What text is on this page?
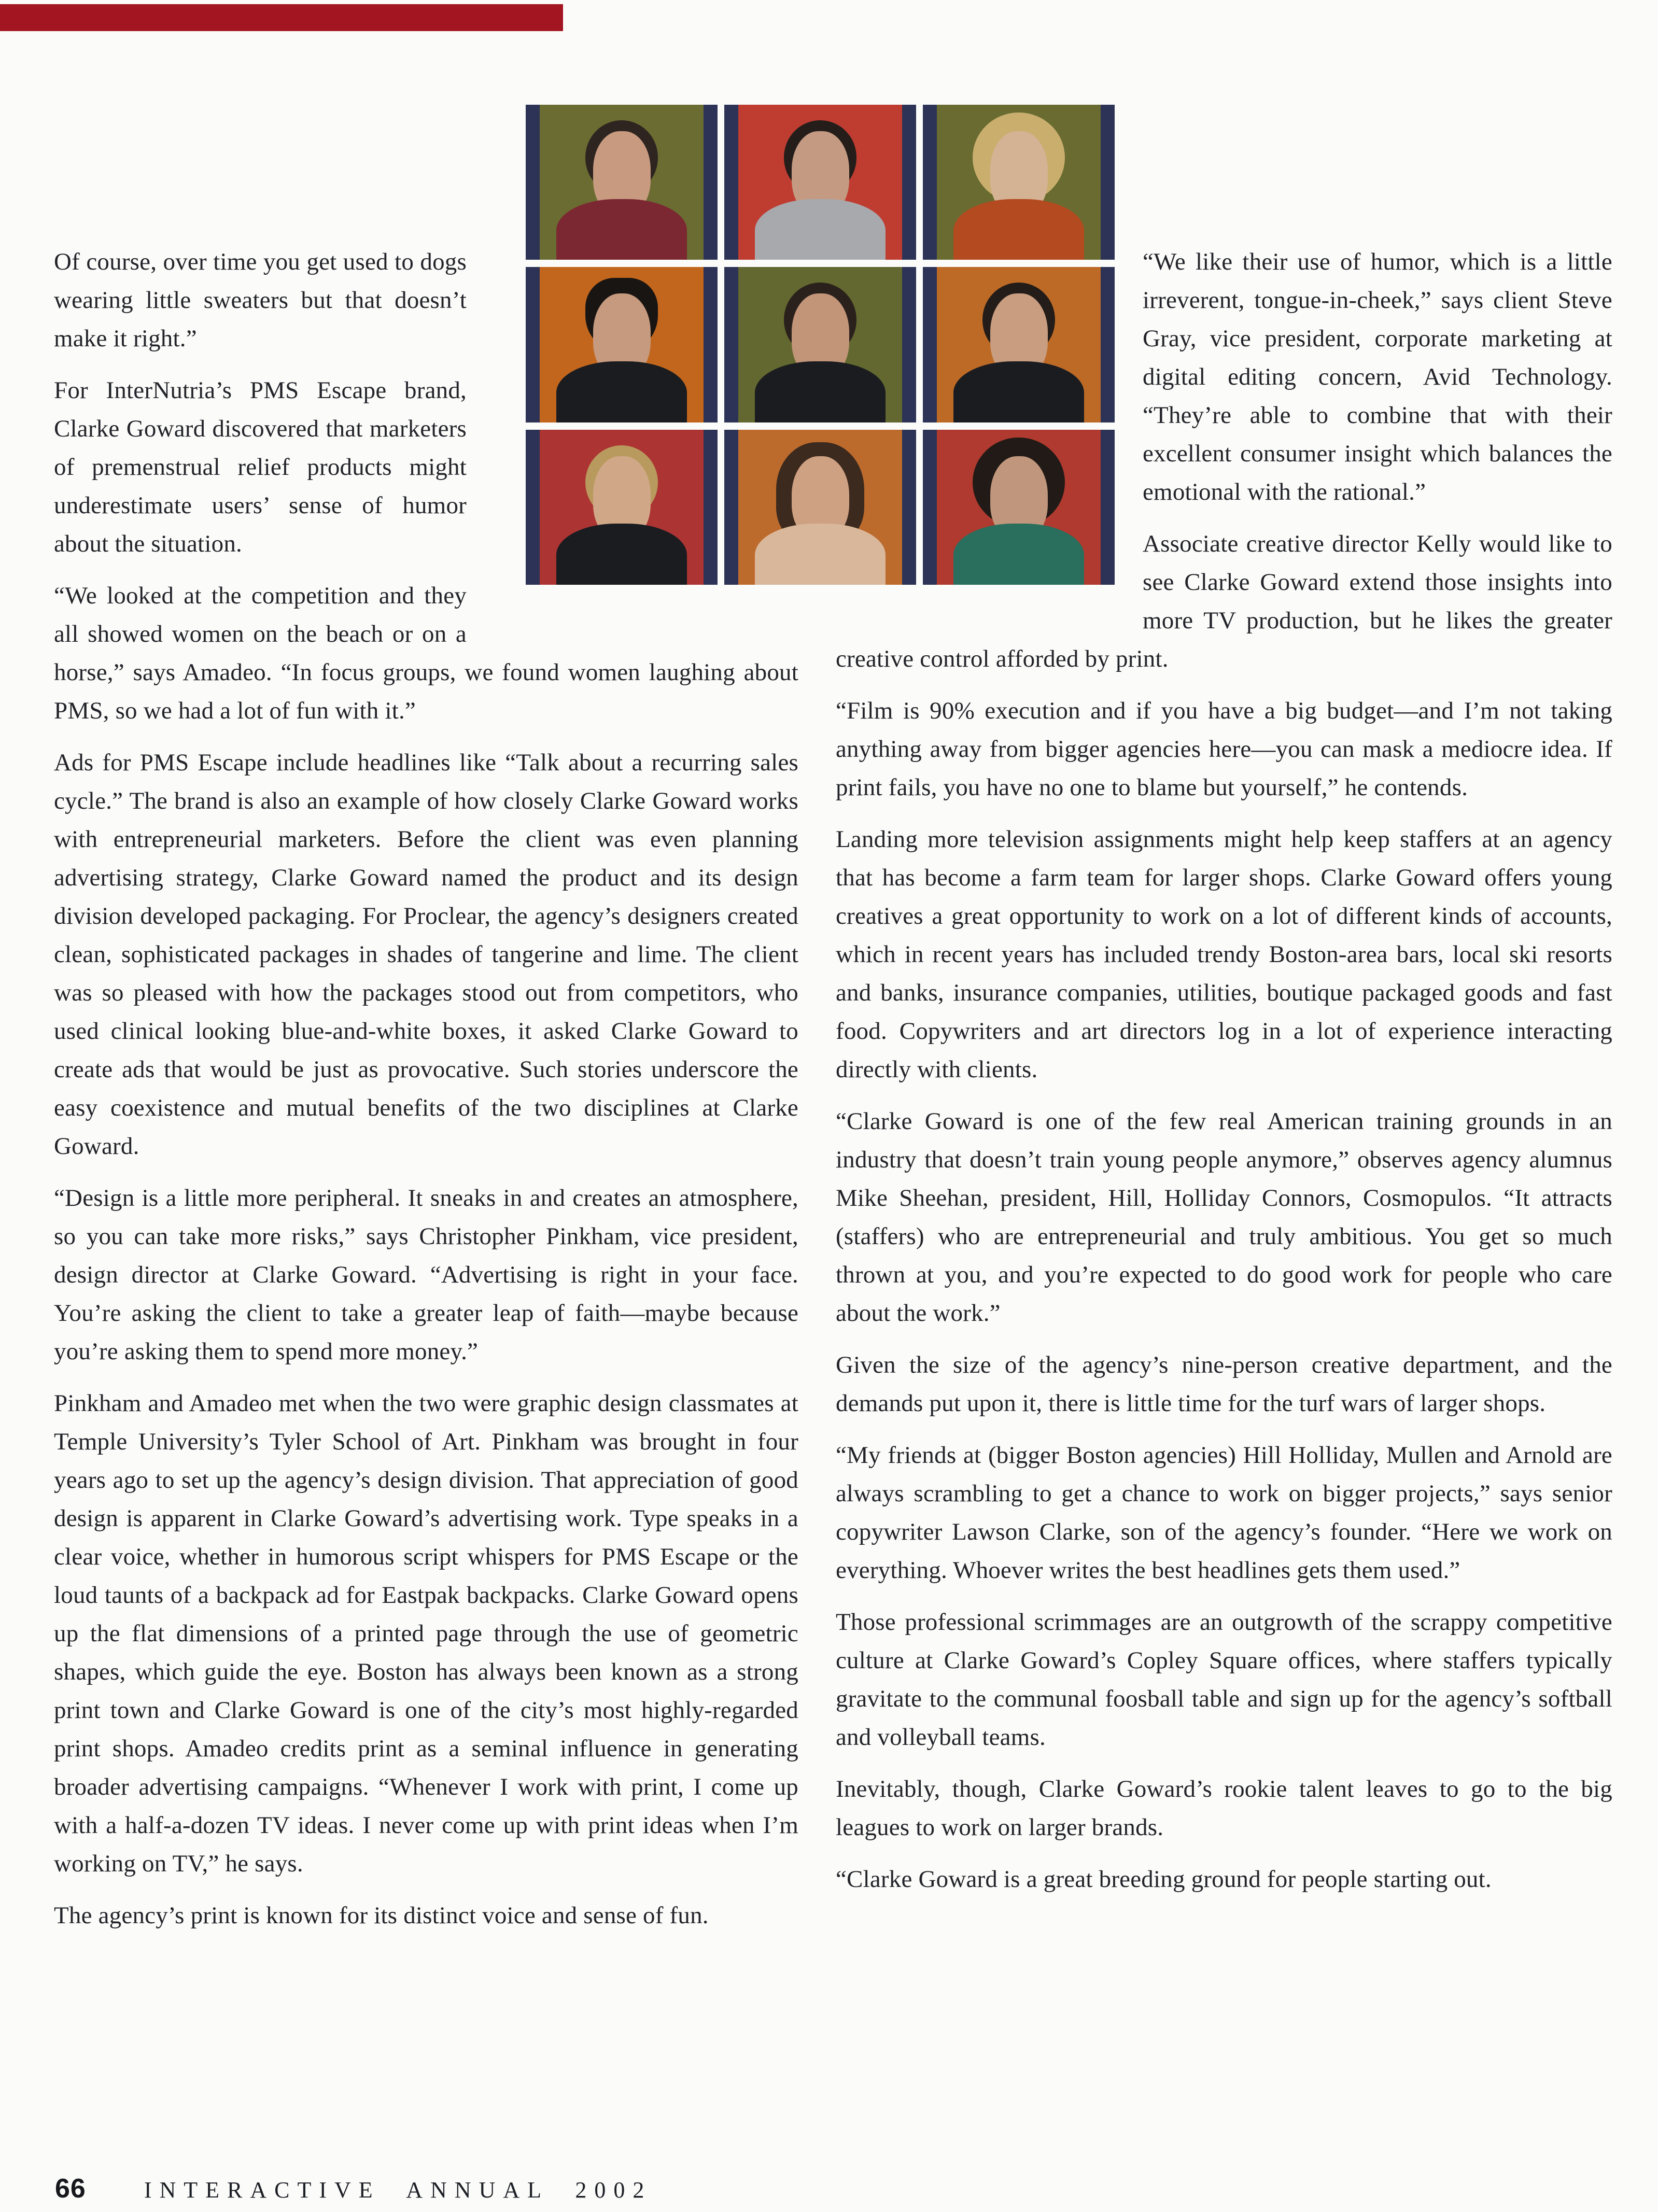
Of course, over time you get used to dogs wearing little sweaters but that doesn’t make it right.”

For InterNutria’s PMS Escape brand, Clarke Goward discovered that marketers of premenstrual relief products might underestimate users’ sense of humor about the situation.

“We looked at the competition and they all showed women on the beach or on a horse,” says Amadeo. “In focus groups, we found women laughing about PMS, so we had a lot of fun with it.”

Ads for PMS Escape include headlines like “Talk about a recurring sales cycle.” The brand is also an example of how closely Clarke Goward works with entrepreneurial marketers. Before the client was even planning advertising strategy, Clarke Goward named the product and its design division developed packaging. For Proclear, the agency’s designers created clean, sophisticated packages in shades of tangerine and lime. The client was so pleased with how the packages stood out from competitors, who used clinical looking blue-and-white boxes, it asked Clarke Goward to create ads that would be just as provocative. Such stories underscore the easy coexistence and mutual benefits of the two disciplines at Clarke Goward.

“Design is a little more peripheral. It sneaks in and creates an atmosphere, so you can take more risks,” says Christopher Pinkham, vice president, design director at Clarke Goward. “Advertising is right in your face. You’re asking the client to take a greater leap of faith—maybe because you’re asking them to spend more money.”

Pinkham and Amadeo met when the two were graphic design classmates at Temple University’s Tyler School of Art. Pinkham was brought in four years ago to set up the agency’s design division. That appreciation of good design is apparent in Clarke Goward’s advertising work. Type speaks in a clear voice, whether in humorous script whispers for PMS Escape or the loud taunts of a backpack ad for Eastpak backpacks. Clarke Goward opens up the flat dimensions of a printed page through the use of geometric shapes, which guide the eye. Boston has always been known as a strong print town and Clarke Goward is one of the city’s most highly-regarded print shops. Amadeo credits print as a seminal influence in generating broader advertising campaigns. “Whenever I work with print, I come up with a half-a-dozen TV ideas. I never come up with print ideas when I’m working on TV,” he says.

The agency’s print is known for its distinct voice and sense of fun.

“We like their use of humor, which is a little irreverent, tongue-in-cheek,” says client Steve Gray, vice president, corporate marketing at digital editing concern, Avid Technology. “They’re able to combine that with their excellent consumer insight which balances the emotional with the rational.”

Associate creative director Kelly would like to see Clarke Goward extend those insights into more TV production, but he likes the greater creative control afforded by print.

“Film is 90% execution and if you have a big budget—and I’m not taking anything away from bigger agencies here—you can mask a mediocre idea. If print fails, you have no one to blame but yourself,” he contends.

Landing more television assignments might help keep staffers at an agency that has become a farm team for larger shops. Clarke Goward offers young creatives a great opportunity to work on a lot of different kinds of accounts, which in recent years has included trendy Boston-area bars, local ski resorts and banks, insurance companies, utilities, boutique packaged goods and fast food. Copywriters and art directors log in a lot of experience interacting directly with clients.

“Clarke Goward is one of the few real American training grounds in an industry that doesn’t train young people anymore,” observes agency alumnus Mike Sheehan, president, Hill, Holliday Connors, Cosmopulos. “It attracts (staffers) who are entrepreneurial and truly ambitious. You get so much thrown at you, and you’re expected to do good work for people who care about the work.”

Given the size of the agency’s nine-person creative department, and the demands put upon it, there is little time for the turf wars of larger shops.

“My friends at (bigger Boston agencies) Hill Holliday, Mullen and Arnold are always scrambling to get a chance to work on bigger projects,” says senior copywriter Lawson Clarke, son of the agency’s founder. “Here we work on everything. Whoever writes the best headlines gets them used.”

Those professional scrimmages are an outgrowth of the scrappy competitive culture at Clarke Goward’s Copley Square offices, where staffers typically gravitate to the communal foosball table and sign up for the agency’s softball and volleyball teams.

Inevitably, though, Clarke Goward’s rookie talent leaves to go to the big leagues to work on larger brands.

“Clarke Goward is a great breeding ground for people starting out.

66	INTERACTIVE ANNUAL 2002
